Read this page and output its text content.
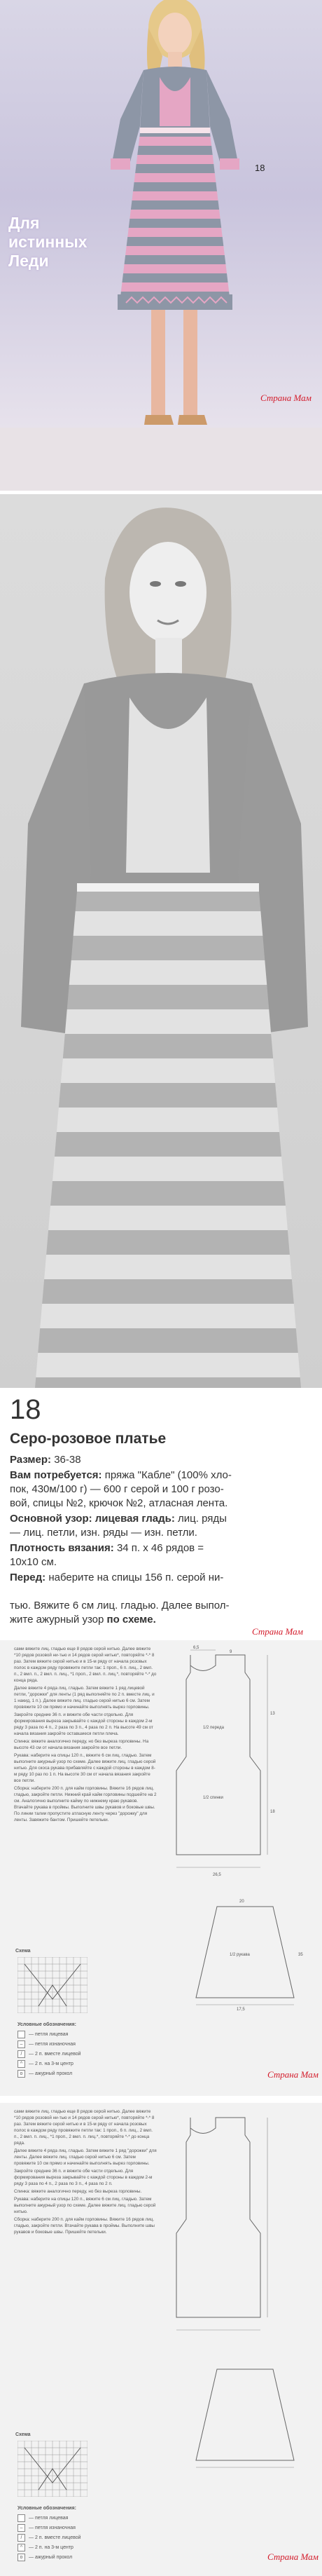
18
Для
истинных
Леди
Страна Мам
18
Серо-розовое платье
Размер: 36-38
Вам потребуется: пряжа "Кабле" (100% хло-
пок, 430м/100 г) — 600 г серой и 100 г розо-
вой, спицы №2, крючок №2, атласная лента.
Основной узор: лицевая гладь: лиц. ряды
— лиц. петли, изн. ряды — изн. петли.
Плотность вязания: 34 п. х 46 рядов =
10х10 см.
Перед: наберите на спицы 156 п. серой ни-
тью. Вяжите 6 см лиц. гладью. Далее выпол-
жите ажурный узор по схеме.
Страна Мам

сами вяжите лиц. гладью еще 8 рядов серой нитью. Далее вяжите *10 рядов розовой ни-тью и 14 рядов серой нитью*, повторяйте *-* 8 раз. Затем вяжите серой нитью и в 15-м ряду от начала розовых полос в каждом ряду провяжите петли так: 1 проп., 6 п. лиц., 2 вмл. п., 2 вмл. п., 2 вмл. п. лиц., *1 проп., 2 вмл. п. лиц.*, повторяйте *-* до конца ряда.

Далее вяжите 4 ряда лиц. гладью. Затем вяжите 1 ряд лицевой петли, "дорожки" для ленты (1 ряд выполняйте по 2 п. вместе лиц. и 1 накид, 1 п.). Далее вяжите лиц. гладью серой нитью 6 см. Затем провяжите 10 см прямо и начинайте выполнять вырез горловины.

Закройте средние 36 п. и вяжите обе части отдельно. Для формирования выреза закрывайте с каждой стороны в каждом 2-м ряду 3 раза по 4 п., 2 раза по 3 п., 4 раза по 2 п. На высоте 49 см от начала вязания закройте оставшиеся петли плеча.

Спинка: вяжите аналогично переду, но без выреза горловины. На высоте 43 см от начала вязания закройте все петли.

Рукава: наберите на спицы 120 п., вяжите 6 см лиц. гладью. Затем выполните ажурный узор по схеме. Далее вяжите лиц. гладью серой нитью. Для скоса рукава прибавляйте с каждой стороны в каждом 8-м ряду 10 раз по 1 п. На высоте 30 см от начала вязания закройте все петли.

Сборка: наберите 200 п. для кайм горловины. Вяжите 16 рядов лиц. гладью, закройте петли. Нижний край кайм горловины подшейте на 2 см. Аналогично выполните кайму по нижнему краю рукавов. Втачайте рукава в проймы. Выполните швы рукавов и боковые швы. По линии талии пропустите атласную ленту через "дорожку" для ленты. Завяжите бантом. Пришейте петельки.

6,5
9
1/2 переда
13
1/2 спинки
18
26,5
1/2 рукава	35
20
17,5
Схема
Условные обозначения:
— петля лицевая
–	— петля изнаночная
/	— 2 п. вместе лицевой
^	— 2 п. на 3-м центр
o	— ажурный прокол	Страна Мам

сами вяжите лиц. гладью еще 8 рядов серой нитью. Далее вяжите *10 рядов розовой ни-тью и 14 рядов серой нитью*, повторяйте *-* 8 раз. Затем вяжите серой нитью и в 15-м ряду от начала розовых полос в каждом ряду провяжите петли так: 1 проп., 6 п. лиц., 2 вмл. п., 2 вмл. п. лиц., *1 проп., 2 вмл. п. лиц.*, повторяйте *-* до конца ряда.

Далее вяжите 4 ряда лиц. гладью. Затем вяжите 1 ряд "дорожки" для ленты. Далее вяжите лиц. гладью серой нитью 6 см. Затем провяжите 10 см прямо и начинайте выполнять вырез горловины.

Закройте средние 36 п. и вяжите обе части отдельно. Для формирования выреза закрывайте с каждой стороны в каждом 2-м ряду 3 раза по 4 п., 2 раза по 3 п., 4 раза по 2 п.

Спинка: вяжите аналогично переду, но без выреза горловины.

Рукава: наберите на спицы 120 п., вяжите 6 см лиц. гладью. Затем выполните ажурный узор по схеме. Далее вяжите лиц. гладью серой нитью.

Сборка: наберите 200 п. для кайм горловины. Вяжите 16 рядов лиц. гладью, закройте петли. Втачайте рукава в проймы. Выполните швы рукавов и боковые швы. Пришейте петельки.

Схема
Условные обозначения:
— петля лицевая
–	— петля изнаночная
/	— 2 п. вместе лицевой
^	— 2 п. на 3-м центр
o	— ажурный прокол	Страна Мам
